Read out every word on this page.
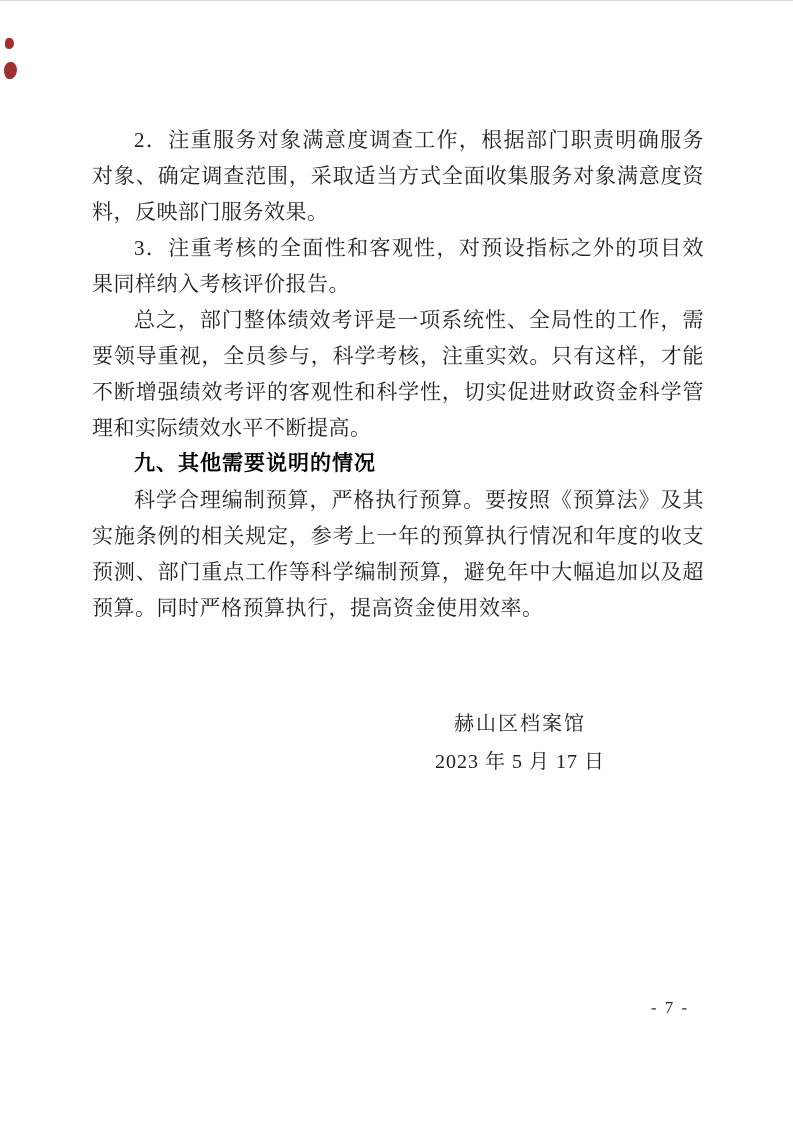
2．注重服务对象满意度调查工作，根据部门职责明确服务
对象、确定调查范围，采取适当方式全面收集服务对象满意度资
料，反映部门服务效果。
3．注重考核的全面性和客观性，对预设指标之外的项目效
果同样纳入考核评价报告。
总之，部门整体绩效考评是一项系统性、全局性的工作，需
要领导重视，全员参与，科学考核，注重实效。只有这样，才能
不断增强绩效考评的客观性和科学性，切实促进财政资金科学管
理和实际绩效水平不断提高。
九、其他需要说明的情况
科学合理编制预算，严格执行预算。要按照《预算法》及其
实施条例的相关规定，参考上一年的预算执行情况和年度的收支
预测、部门重点工作等科学编制预算，避免年中大幅追加以及超
预算。同时严格预算执行，提高资金使用效率。
赫山区档案馆
2023 年 5 月 17 日
- 7 -
